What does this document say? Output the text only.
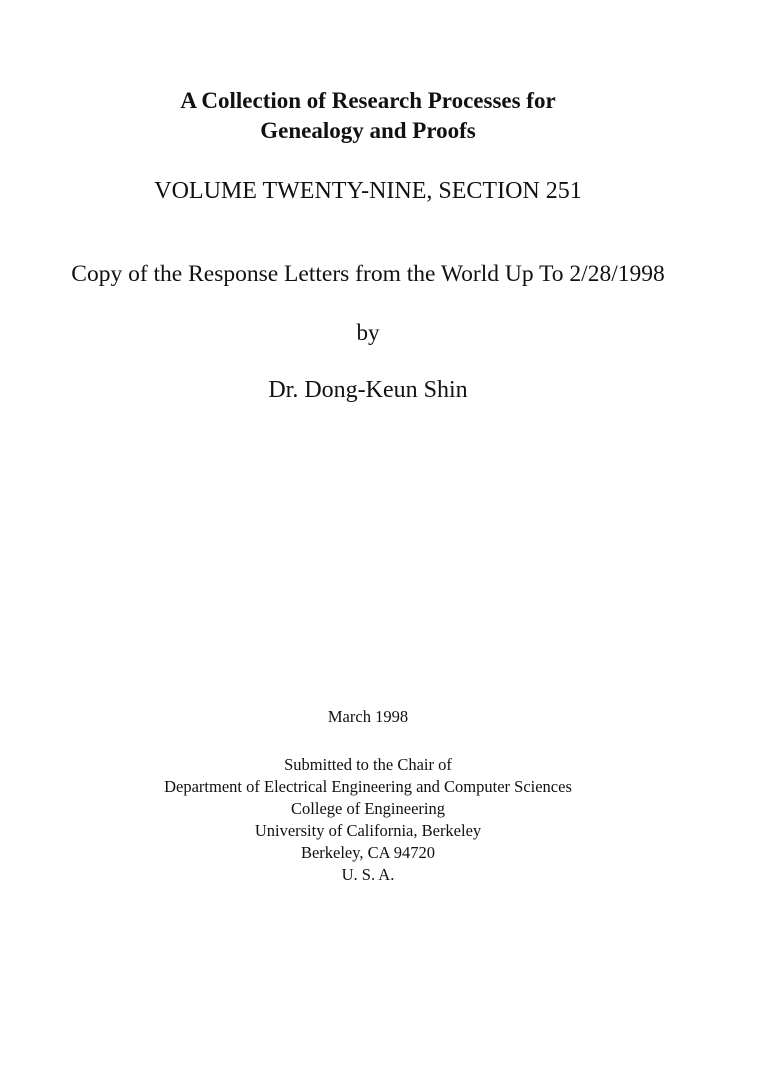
A Collection of Research Processes for
Genealogy and Proofs
VOLUME TWENTY-NINE, SECTION 251
Copy of the Response Letters from the World Up To 2/28/1998
by
Dr. Dong-Keun Shin
March 1998
Submitted to the Chair of
Department of Electrical Engineering and Computer Sciences
College of Engineering
University of California, Berkeley
Berkeley, CA 94720
U. S. A.
